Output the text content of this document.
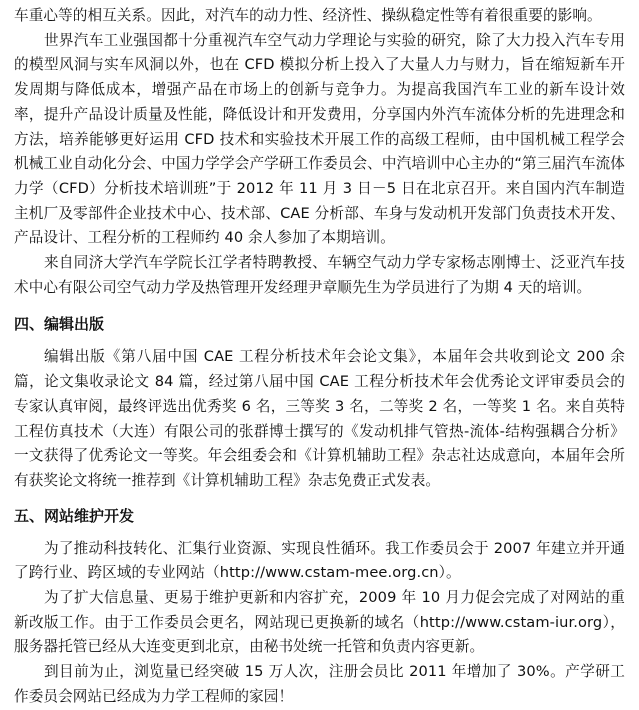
车重心等的相互关系。因此，对汽车的动力性、经济性、操纵稳定性等有着很重要的影响。

世界汽车工业强国都十分重视汽车空气动力学理论与实验的研究，除了大力投入汽车专用的模型风洞与实车风洞以外，也在 CFD 模拟分析上投入了大量人力与财力，旨在缩短新车开发周期与降低成本，增强产品在市场上的创新与竞争力。为提高我国汽车工业的新车设计效率，提升产品设计质量及性能，降低设计和开发费用，分享国内外汽车流体分析的先进理念和方法，培养能够更好运用 CFD 技术和实验技术开展工作的高级工程师，由中国机械工程学会机械工业自动化分会、中国力学学会产学研工作委员会、中汽培训中心主办的“第三届汽车流体力学（CFD）分析技术培训班”于 2012 年 11 月 3 日－5 日在北京召开。来自国内汽车制造主机厂及零部件企业技术中心、技术部、CAE 分析部、车身与发动机开发部门负责技术开发、产品设计、工程分析的工程师约 40 余人参加了本期培训。

来自同济大学汽车学院长江学者特聘教授、车辆空气动力学专家杨志刚博士、泛亚汽车技术中心有限公司空气动力学及热管理开发经理尹章顺先生为学员进行了为期 4 天的培训。

四、编辑出版

编辑出版《第八届中国 CAE 工程分析技术年会论文集》，本届年会共收到论文 200 余篇，论文集收录论文 84 篇，经过第八届中国 CAE 工程分析技术年会优秀论文评审委员会的专家认真审阅，最终评选出优秀奖 6 名，三等奖 3 名，二等奖 2 名，一等奖 1 名。来自英特工程仿真技术（大连）有限公司的张群博士撰写的《发动机排气管热-流体-结构强耦合分析》一文获得了优秀论文一等奖。年会组委会和《计算机辅助工程》杂志社达成意向，本届年会所有获奖论文将统一推荐到《计算机辅助工程》杂志免费正式发表。

五、网站维护开发

为了推动科技转化、汇集行业资源、实现良性循环。我工作委员会于 2007 年建立并开通了跨行业、跨区域的专业网站（http://www.cstam-mee.org.cn）。

为了扩大信息量、更易于维护更新和内容扩充，2009 年 10 月力促会完成了对网站的重新改版工作。由于工作委员会更名，网站现已更换新的域名（http://www.cstam-iur.org），服务器托管已经从大连变更到北京，由秘书处统一托管和负责内容更新。

到目前为止，浏览量已经突破 15 万人次，注册会员比 2011 年增加了 30%。产学研工作委员会网站已经成为力学工程师的家园！
